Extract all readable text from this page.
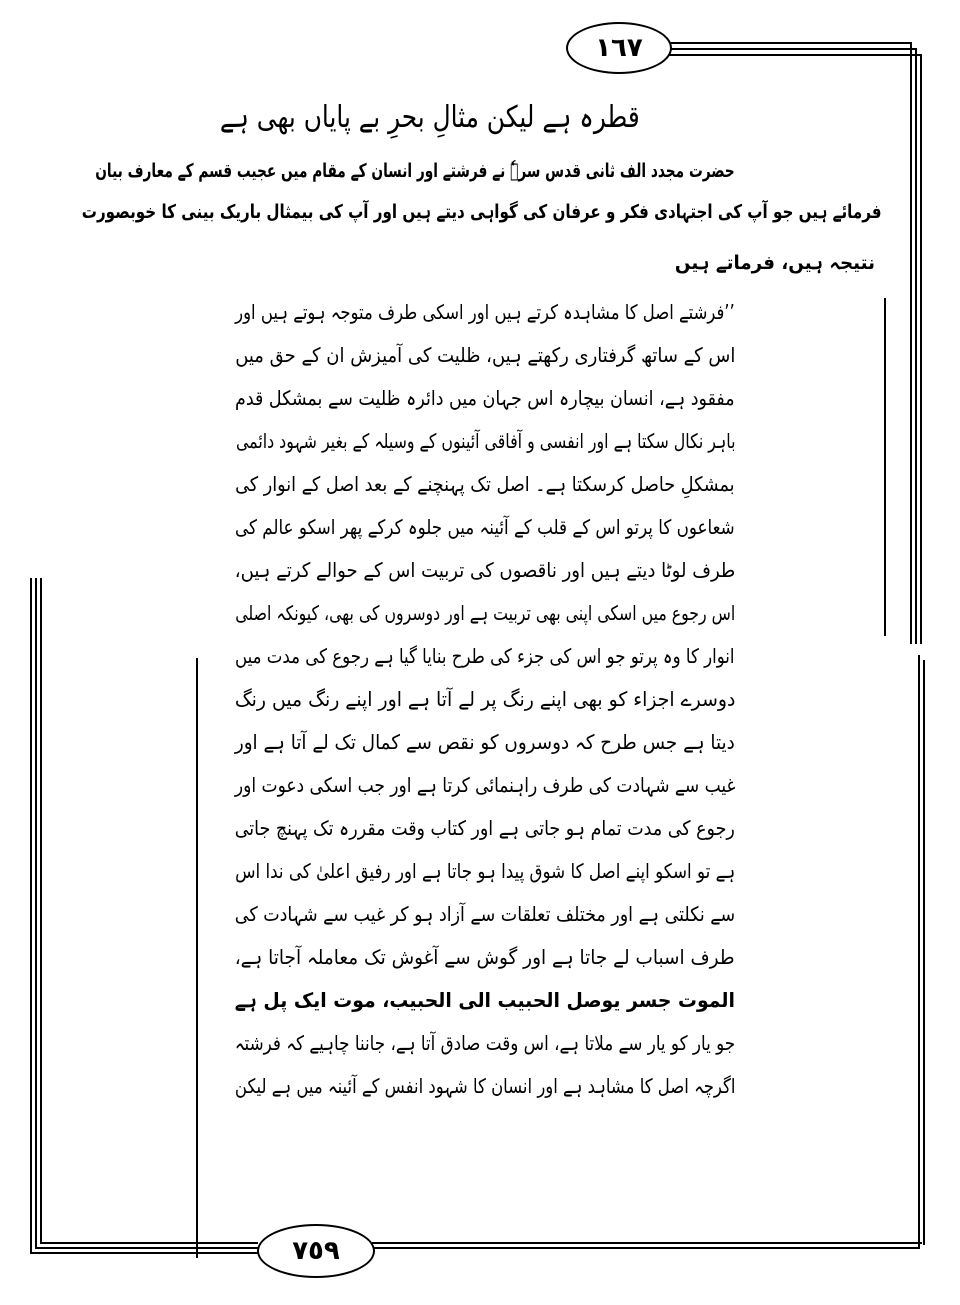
١٦٧
٧٥٩
قطرہ ہے لیکن مثالِ بحرِ بے پایاں بھی ہے
حضرت مجدد الف ثانی قدس سرہٗ نے فرشتے اور انسان کے مقام میں عجیب قسم کے معارف بیان
فرمائے ہیں جو آپ کی اجتہادی فکر و عرفان کی گواہی دیتے ہیں اور آپ کی بیمثال باریک بینی کا خوبصورت
نتیجہ ہیں، فرماتے ہیں
’’فرشتے اصل کا مشاہدہ کرتے ہیں اور اسکی طرف متوجہ ہوتے ہیں اور
اس کے ساتھ گرفتاری رکھتے ہیں، ظلیت کی آمیزش ان کے حق میں
مفقود ہے، انسان بیچارہ اس جہان میں دائرہ ظلیت سے بمشکل قدم
باہر نکال سکتا ہے اور انفسی و آفاقی آئینوں کے وسیلہ کے بغیر شہود دائمی
بمشکلِ حاصل کرسکتا ہے۔ اصل تک پہنچنے کے بعد اصل کے انوار کی
شعاعوں کا پرتو اس کے قلب کے آئینہ میں جلوہ کرکے پھر اسکو عالم کی
طرف لوٹا دیتے ہیں اور ناقصوں کی تربیت اس کے حوالے کرتے ہیں،
اس رجوع میں اسکی اپنی بھی تربیت ہے اور دوسروں کی بھی، کیونکہ اصلی
انوار کا وہ پرتو جو اس کی جزء کی طرح بنایا گیا ہے رجوع کی مدت میں
دوسرے اجزاء کو بھی اپنے رنگ پر لے آتا ہے اور اپنے رنگ میں رنگ
دیتا ہے جس طرح کہ دوسروں کو نقص سے کمال تک لے آتا ہے اور
غیب سے شہادت کی طرف راہنمائی کرتا ہے اور جب اسکی دعوت اور
رجوع کی مدت تمام ہو جاتی ہے اور کتاب وقت مقررہ تک پہنچ جاتی
ہے تو اسکو اپنے اصل کا شوق پیدا ہو جاتا ہے اور رفیق اعلیٰ کی ندا اس
سے نکلتی ہے اور مختلف تعلقات سے آزاد ہو کر غیب سے شہادت کی
طرف اسباب لے جاتا ہے اور گوش سے آغوش تک معاملہ آجاتا ہے،
الموت جسر یوصل الحبیب الی الحبیب، موت ایک پل ہے
جو یار کو یار سے ملاتا ہے، اس وقت صادق آتا ہے، جاننا چاہیے کہ فرشتہ
اگرچہ اصل کا مشاہد ہے اور انسان کا شہود انفس کے آئینہ میں ہے لیکن
